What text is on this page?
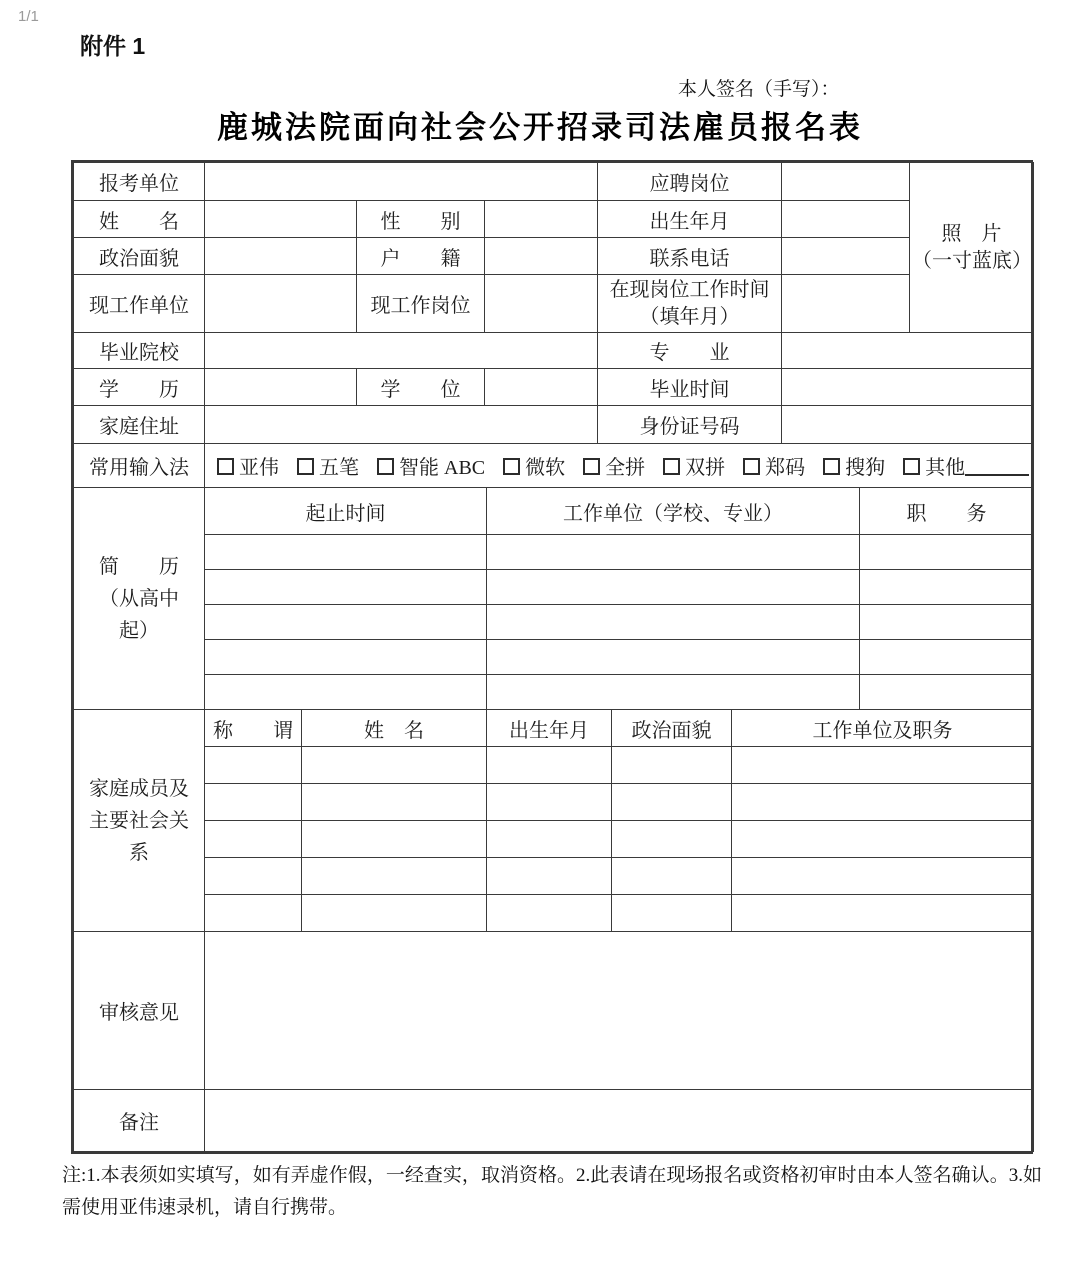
1/1
附件 1
本人签名（手写）：
鹿城法院面向社会公开招录司法雇员报名表
报考单位				应聘岗位		照　片
（一寸蓝底）
姓　　名		性　　别		出生年月		
政治面貌		户　　籍		联系电话		
现工作单位		现工作岗位		在现岗位工作时间
（填年月）		
毕业院校				专　　业		
学　　历		学　　位		毕业时间		
家庭住址				身份证号码		
常用输入法	亚伟 五笔 智能 ABC 微软 全拼 双拼 郑码 搜狗 其他					
简　　历
（从高中
起）	起止时间	工作单位（学校、专业）	职　　务

家庭成员及
主要社会关
系	称　　谓	姓　名	出生年月	政治面貌	工作单位及职务

审核意见	
备注	
注:1.本表须如实填写，如有弄虚作假，一经查实，取消资格。2.此表请在现场报名或资格初审时由本人签名确认。3.如需使用亚伟速录机，请自行携带。
